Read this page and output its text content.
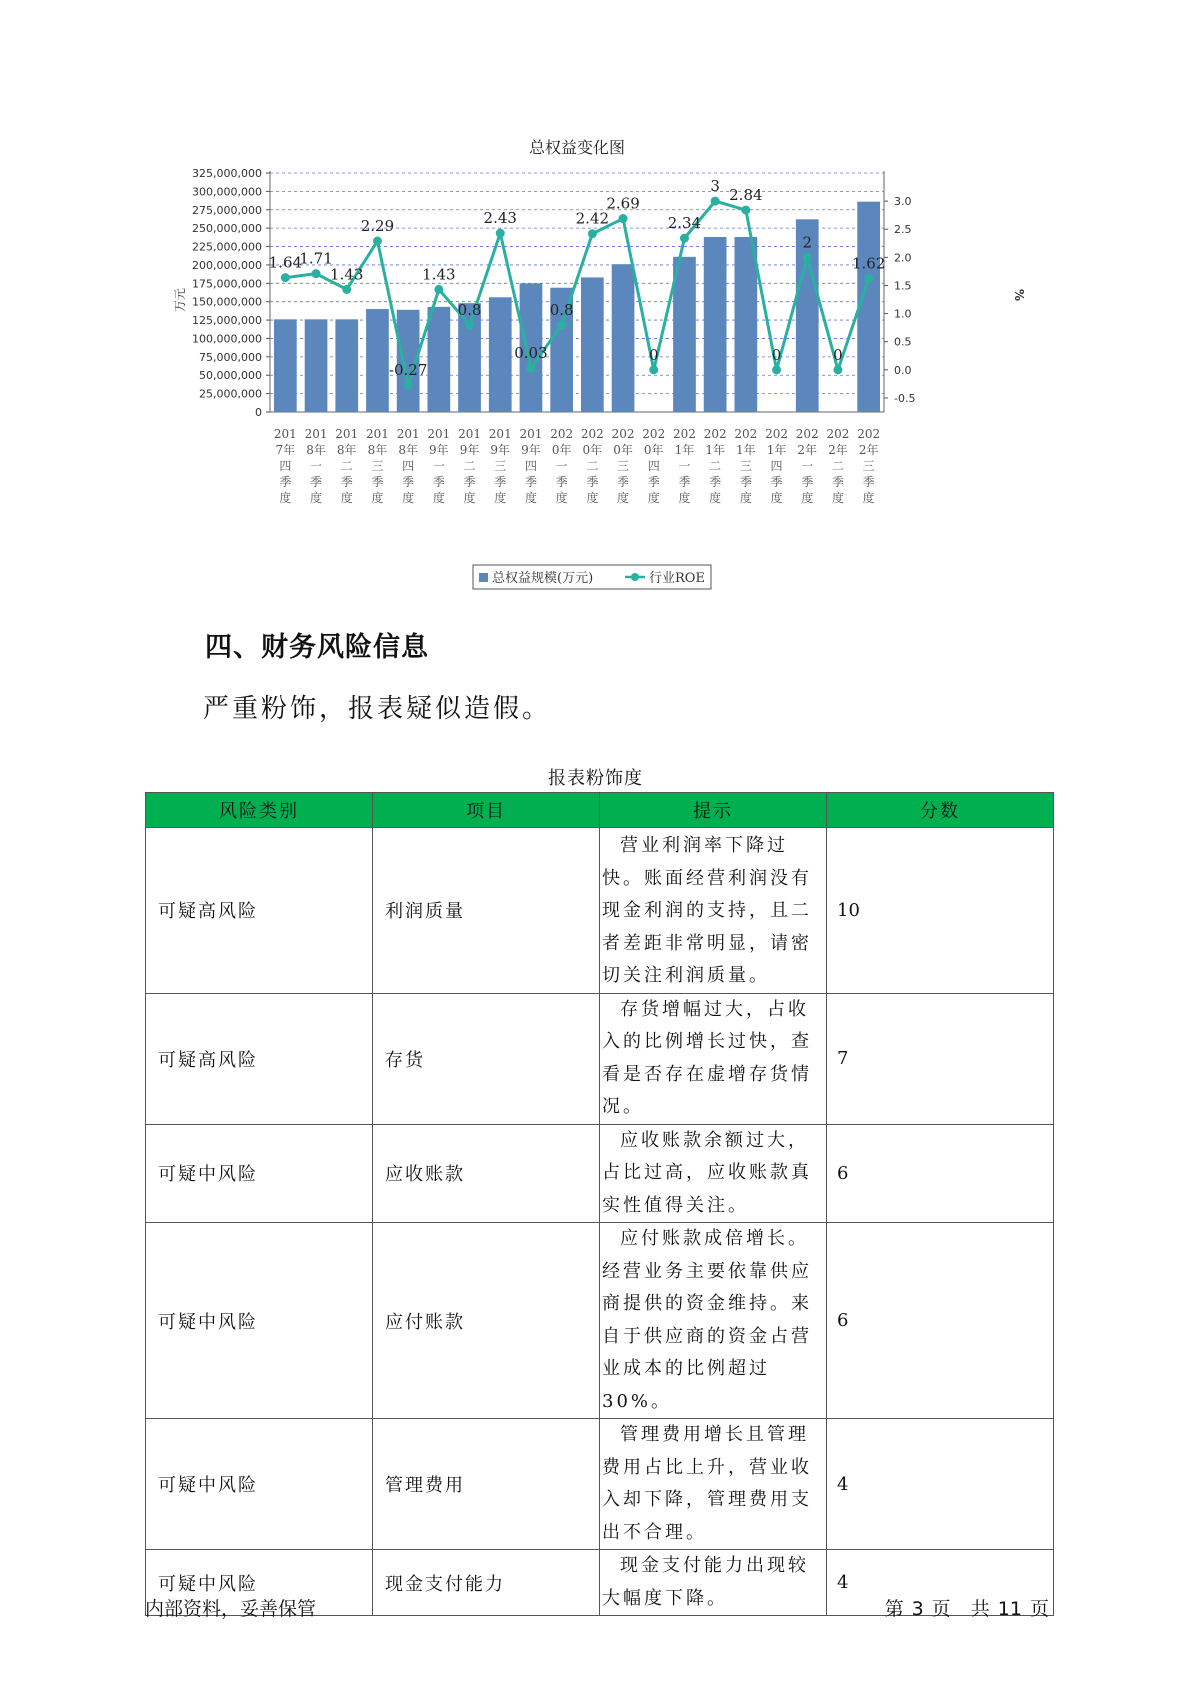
总权益变化图
325,000,000
300,000,000
275,000,000
250,000,000
225,000,000
200,000,000
175,000,000
150,000,000
125,000,000
100,000,000
75,000,000
50,000,000
25,000,000
0
3.0
2.5
2.0
1.5
1.0
0.5
0.0
-0.5
万元	%
201
7年
四
季
度
201
8年
一
季
度
201
8年
二
季
度
201
8年
三
季
度
201
8年
四
季
度
201
9年
一
季
度
201
9年
二
季
度
201
9年
三
季
度
201
9年
四
季
度
202
0年
一
季
度
202
0年
二
季
度
202
0年
三
季
度
202
0年
四
季
度
202
1年
一
季
度
202
1年
二
季
度
202
1年
三
季
度
202
1年
四
季
度
202
2年
一
季
度
202
2年
二
季
度
202
2年
三
季
度
1.64
1.71
1.43
2.29
-0.27
1.43
0.8
2.43
0.03
0.8
2.42
2.69
0
2.34
3 2.84
0
2
0
1.62
总权益规模(万元)	行业ROE
四、财务风险信息
严重粉饰，报表疑似造假。
报表粉饰度
风险类别	项目	提示	分数
可疑高风险	利润质量	营业利润率下降过快。账面经营利润没有现金利润的支持，且二者差距非常明显，请密切关注利润质量。	10
可疑高风险	存货	存货增幅过大，占收入的比例增长过快，查看是否存在虚增存货情况。	7
可疑中风险	应收账款	应收账款余额过大，占比过高，应收账款真实性值得关注。	6
可疑中风险	应付账款	应付账款成倍增长。经营业务主要依靠供应商提供的资金维持。来自于供应商的资金占营业成本的比例超过30%。	6
可疑中风险	管理费用	管理费用增长且管理费用占比上升，营业收入却下降，管理费用支出不合理。	4
可疑中风险	现金支付能力	现金支付能力出现较大幅度下降。	4
内部资料，妥善保管	第 3 页 共 11 页
